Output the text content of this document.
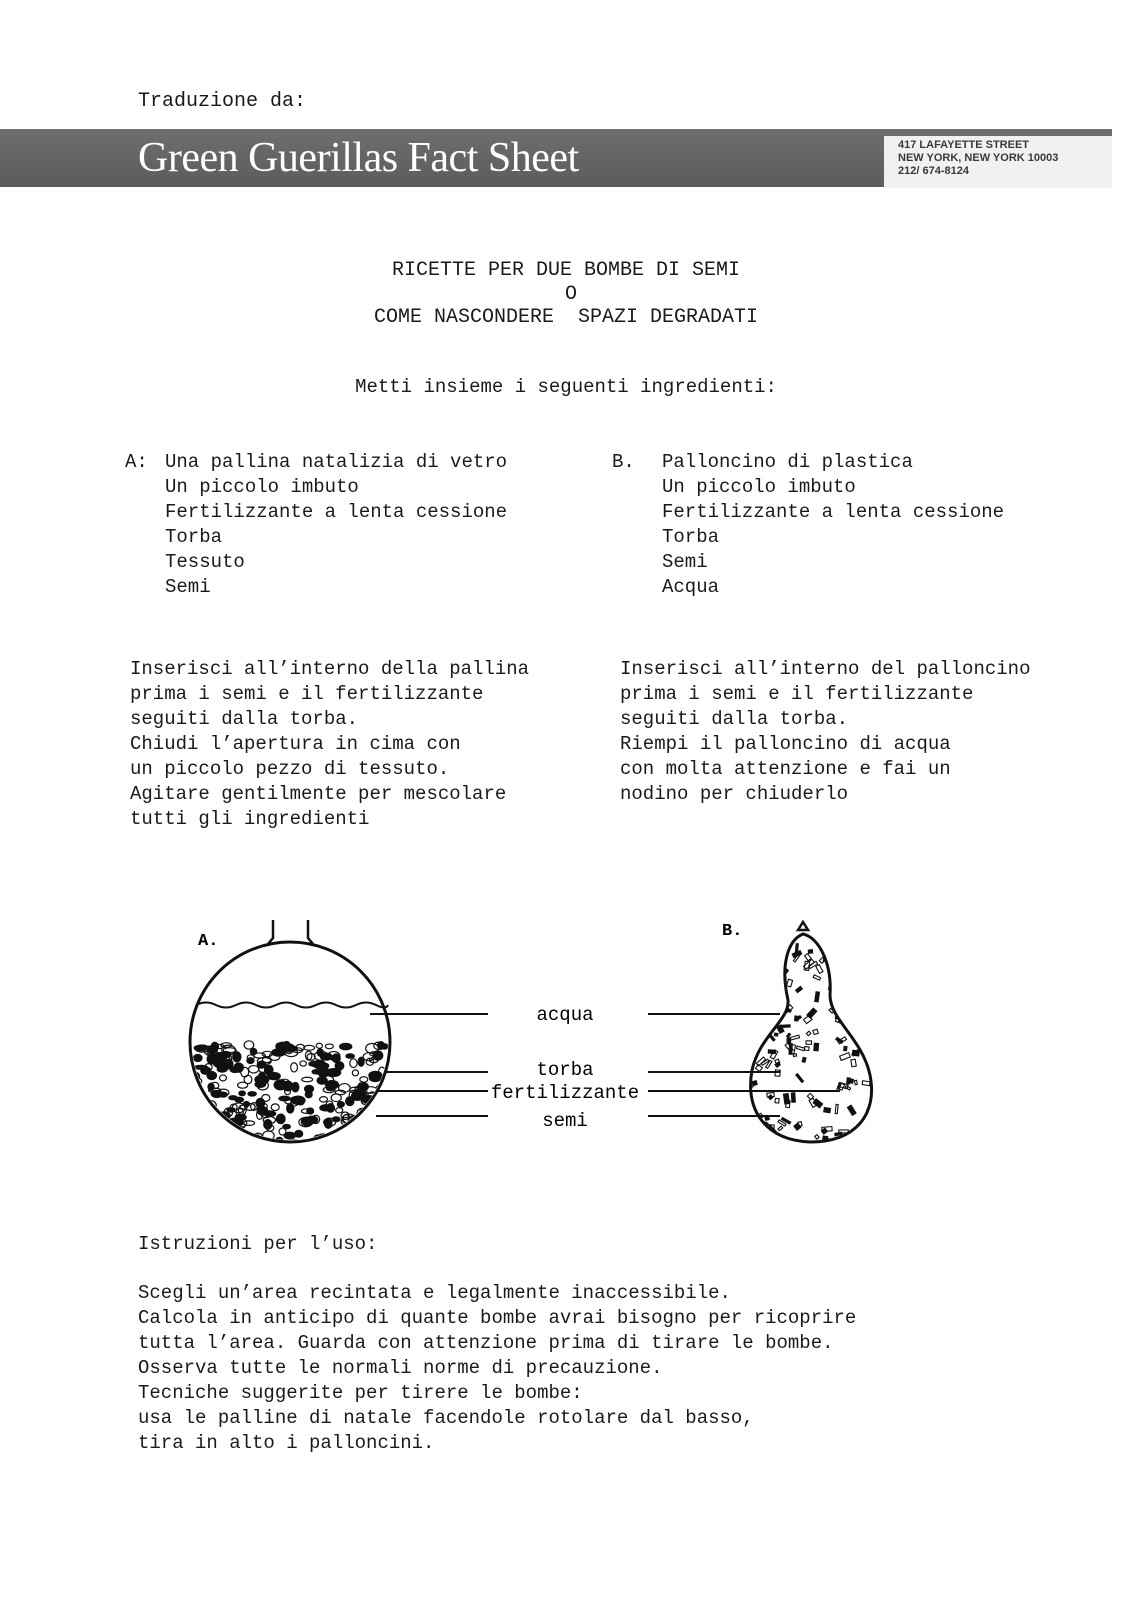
Traduzione da:
Green Guerillas Fact Sheet	417 LAFAYETTE STREET
NEW YORK, NEW YORK 10003
212/ 674-8124
RICETTE PER DUE BOMBE DI SEMI
O
COME NASCONDERE  SPAZI DEGRADATI
Metti insieme i seguenti ingredienti:
A: Una pallina natalizia di vetro
Un piccolo imbuto
Fertilizzante a lenta cessione
Torba
Tessuto
Semi
B. Palloncino di plastica
Un piccolo imbuto
Fertilizzante a lenta cessione
Torba
Semi
Acqua
Inserisci all’interno della pallina
prima i semi e il fertilizzante
seguiti dalla torba.
Chiudi l’apertura in cima con
un piccolo pezzo di tessuto.
Agitare gentilmente per mescolare
tutti gli ingredienti
Inserisci all’interno del palloncino
prima i semi e il fertilizzante
seguiti dalla torba.
Riempi il palloncino di acqua
con molta attenzione e fai un
nodino per chiuderlo
A.
B.
acqua
torba
fertilizzante
semi
Istruzioni per l’uso:
Scegli un’area recintata e legalmente inaccessibile.
Calcola in anticipo di quante bombe avrai bisogno per ricoprire
tutta l’area. Guarda con attenzione prima di tirare le bombe.
Osserva tutte le normali norme di precauzione.
Tecniche suggerite per tirere le bombe:
usa le palline di natale facendole rotolare dal basso,
tira in alto i palloncini.
